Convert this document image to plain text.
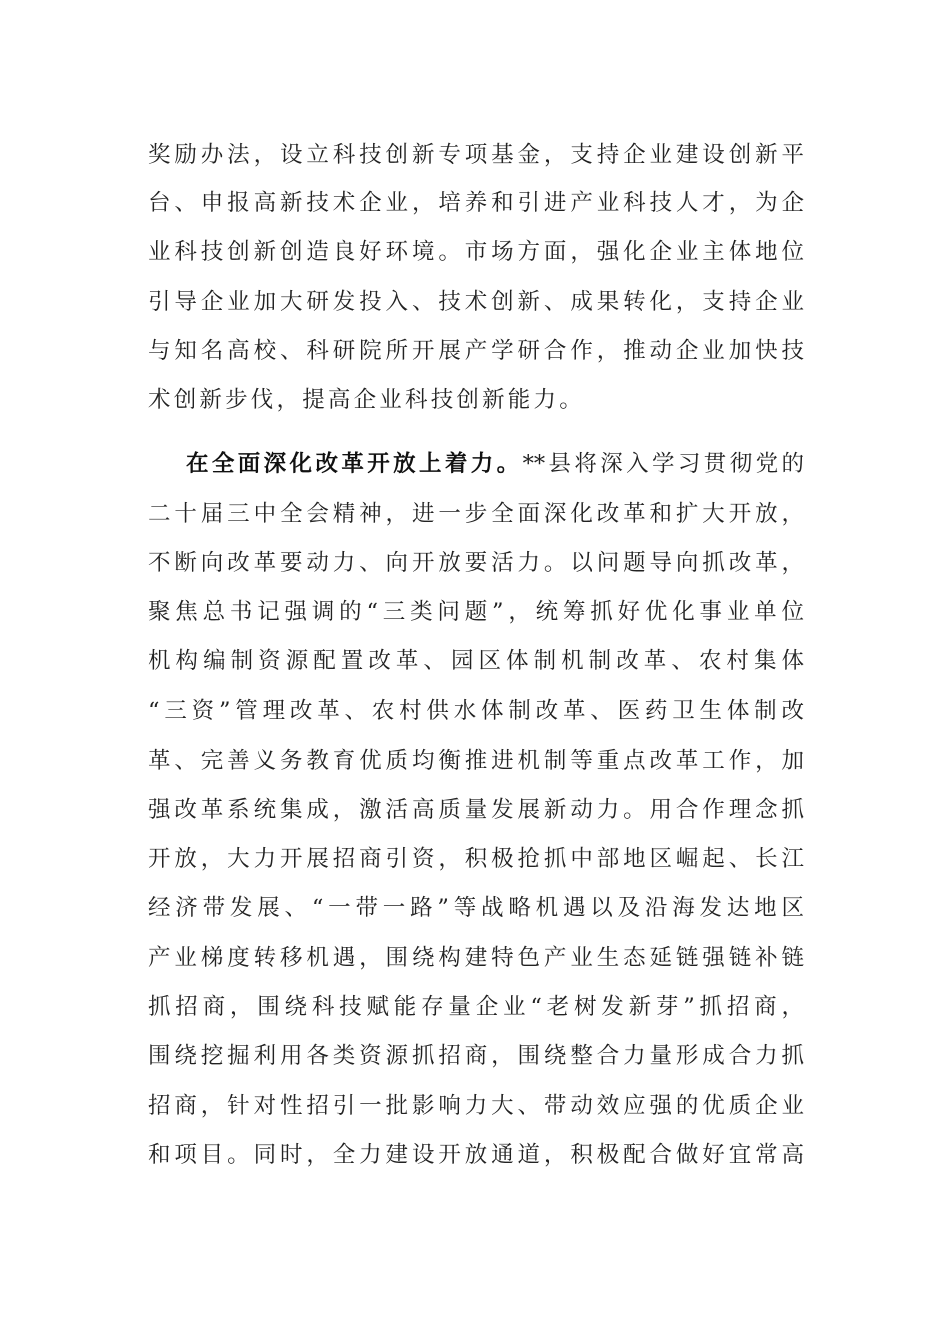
奖励办法，设立科技创新专项基金，支持企业建设创新平
台、申报高新技术企业，培养和引进产业科技人才，为企
业科技创新创造良好环境。市场方面，强化企业主体地位
引导企业加大研发投入、技术创新、成果转化，支持企业
与知名高校、科研院所开展产学研合作，推动企业加快技
术创新步伐，提高企业科技创新能力。
在全面深化改革开放上着力。**县将深入学习贯彻党的
二十届三中全会精神，进一步全面深化改革和扩大开放，
不断向改革要动力、向开放要活力。以问题导向抓改革，
聚焦总书记强调的“三类问题”，统筹抓好优化事业单位
机构编制资源配置改革、园区体制机制改革、农村集体
“三资”管理改革、农村供水体制改革、医药卫生体制改
革、完善义务教育优质均衡推进机制等重点改革工作，加
强改革系统集成，激活高质量发展新动力。用合作理念抓
开放，大力开展招商引资，积极抢抓中部地区崛起、长江
经济带发展、“一带一路”等战略机遇以及沿海发达地区
产业梯度转移机遇，围绕构建特色产业生态延链强链补链
抓招商，围绕科技赋能存量企业“老树发新芽”抓招商，
围绕挖掘利用各类资源抓招商，围绕整合力量形成合力抓
招商，针对性招引一批影响力大、带动效应强的优质企业
和项目。同时，全力建设开放通道，积极配合做好宜常高
